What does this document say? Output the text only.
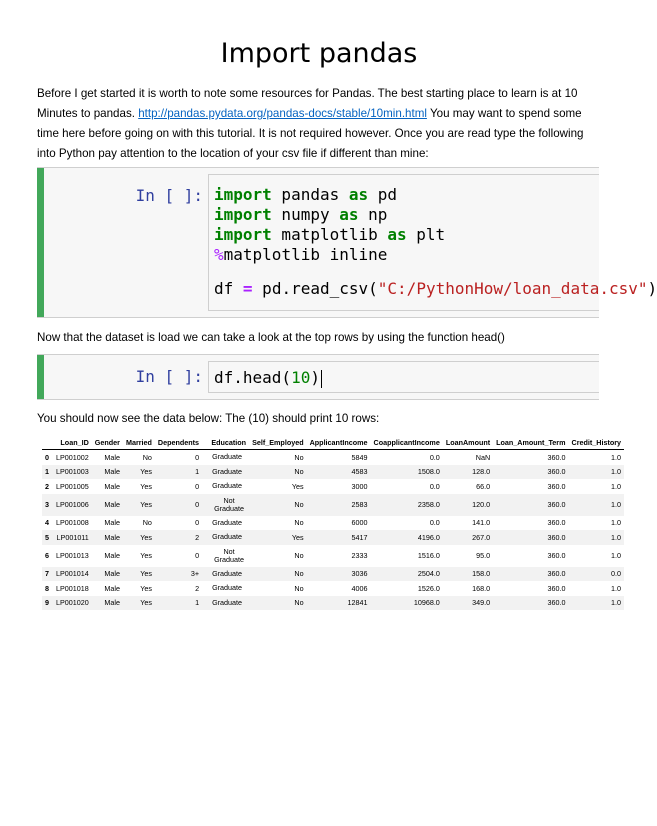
Import pandas
Before I get started it is worth to note some resources for Pandas. The best starting place to learn is at 10 Minutes to pandas. http://pandas.pydata.org/pandas-docs/stable/10min.html You may want to spend some time here before going on with this tutorial. It is not required however. Once you are read type the following into Python pay attention to the location of your csv file if different than mine:
In [ ]: import pandas as pd
import numpy as np
import matplotlib as plt
%matplotlib inline
df = pd.read_csv("C:/PythonHow/loan_data.csv")
Now that the dataset is load we can take a look at the top rows by using the function head()
In [ ]: df.head(10)
You should now see the data below: The (10) should print 10 rows:
	Loan_ID	Gender	Married	Dependents	Education	Self_Employed	ApplicantIncome	CoapplicantIncome	LoanAmount	Loan_Amount_Term	Credit_History
0	LP001002	Male	No	0	Graduate	No	5849	0.0	NaN	360.0	1.0
1	LP001003	Male	Yes	1	Graduate	No	4583	1508.0	128.0	360.0	1.0
2	LP001005	Male	Yes	0	Graduate	Yes	3000	0.0	66.0	360.0	1.0
3	LP001006	Male	Yes	0	Not Graduate	No	2583	2358.0	120.0	360.0	1.0
4	LP001008	Male	No	0	Graduate	No	6000	0.0	141.0	360.0	1.0
5	LP001011	Male	Yes	2	Graduate	Yes	5417	4196.0	267.0	360.0	1.0
6	LP001013	Male	Yes	0	Not Graduate	No	2333	1516.0	95.0	360.0	1.0
7	LP001014	Male	Yes	3+	Graduate	No	3036	2504.0	158.0	360.0	0.0
8	LP001018	Male	Yes	2	Graduate	No	4006	1526.0	168.0	360.0	1.0
9	LP001020	Male	Yes	1	Graduate	No	12841	10968.0	349.0	360.0	1.0
